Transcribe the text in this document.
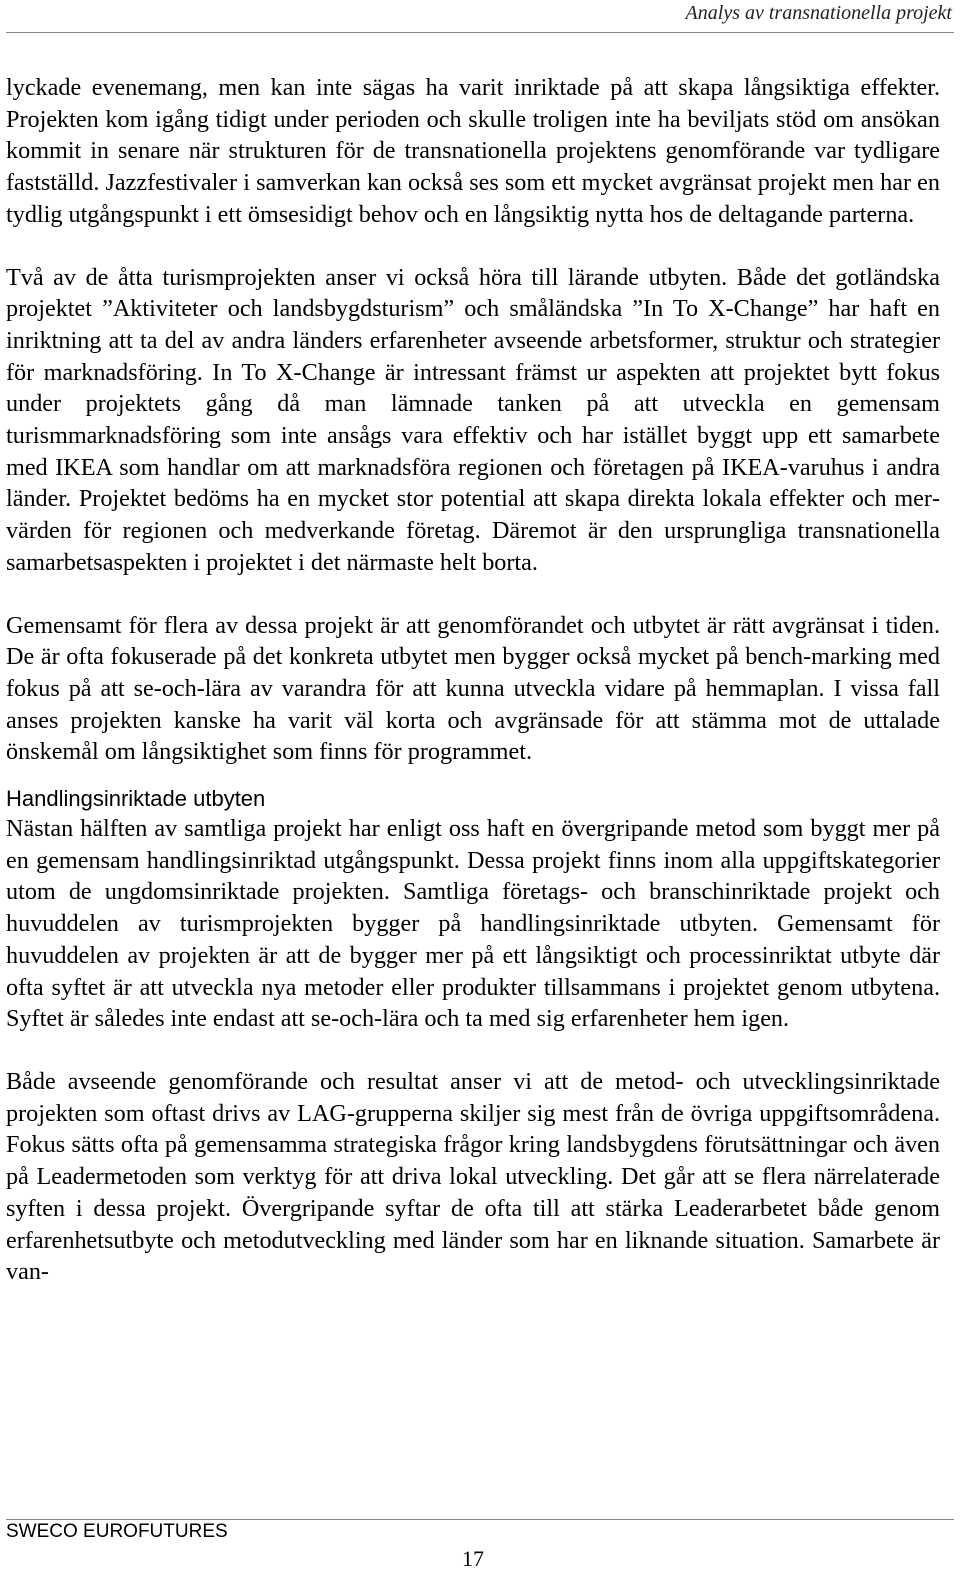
Analys av transnationella projekt

lyckade evenemang, men kan inte sägas ha varit inriktade på att skapa långsiktiga effekter. Projekten kom igång tidigt under perioden och skulle troligen inte ha beviljats stöd om ansökan kommit in senare när strukturen för de transnationella projektens genomförande var tydligare fastställd. Jazzfestivaler i samverkan kan också ses som ett mycket avgränsat projekt men har en tydlig utgångspunkt i ett ömsesidigt behov och en långsiktig nytta hos de deltagande parterna.

Två av de åtta turismprojekten anser vi också höra till lärande utbyten. Både det gotländska projektet ”Aktiviteter och landsbygdsturism” och småländska ”In To X-Change” har haft en inriktning att ta del av andra länders erfarenheter avseende arbetsformer, struktur och strategier för marknadsföring. In To X-Change är intressant främst ur aspekten att projektet bytt fokus under projektets gång då man lämnade tanken på att utveckla en gemensam turismmarknadsföring som inte ansågs vara effektiv och har istället byggt upp ett samarbete med IKEA som handlar om att marknadsföra regionen och företagen på IKEA-varuhus i andra länder. Projektet bedöms ha en mycket stor potential att skapa direkta lokala effekter och mervärden för regionen och medverkande företag. Däremot är den ursprungliga transnationella samarbetsaspekten i projektet i det närmaste helt borta.

Gemensamt för flera av dessa projekt är att genomförandet och utbytet är rätt avgränsat i tiden. De är ofta fokuserade på det konkreta utbytet men bygger också mycket på bench-marking med fokus på att se-och-lära av varandra för att kunna utveckla vidare på hemmaplan. I vissa fall anses projekten kanske ha varit väl korta och avgränsade för att stämma mot de uttalade önskemål om långsiktighet som finns för programmet.

Handlingsinriktade utbyten

Nästan hälften av samtliga projekt har enligt oss haft en övergripande metod som byggt mer på en gemensam handlingsinriktad utgångspunkt. Dessa projekt finns inom alla uppgiftskategorier utom de ungdomsinriktade projekten. Samtliga företags- och branschinriktade projekt och huvuddelen av turismprojekten bygger på handlingsinriktade utbyten. Gemensamt för huvuddelen av projekten är att de bygger mer på ett långsiktigt och processinriktat utbyte där ofta syftet är att utveckla nya metoder eller produkter tillsammans i projektet genom utbytena. Syftet är således inte endast att se-och-lära och ta med sig erfarenheter hem igen.

Både avseende genomförande och resultat anser vi att de metod- och utvecklingsinriktade projekten som oftast drivs av LAG-grupperna skiljer sig mest från de övriga uppgiftsområdena. Fokus sätts ofta på gemensamma strategiska frågor kring landsbygdens förutsättningar och även på Leadermetoden som verktyg för att driva lokal utveckling. Det går att se flera närrelaterade syften i dessa projekt. Övergripande syftar de ofta till att stärka Leaderarbetet både genom erfarenhetsutbyte och metodutveckling med länder som har en liknande situation. Samarbete är van-

SWECO EUROFUTURES
17
